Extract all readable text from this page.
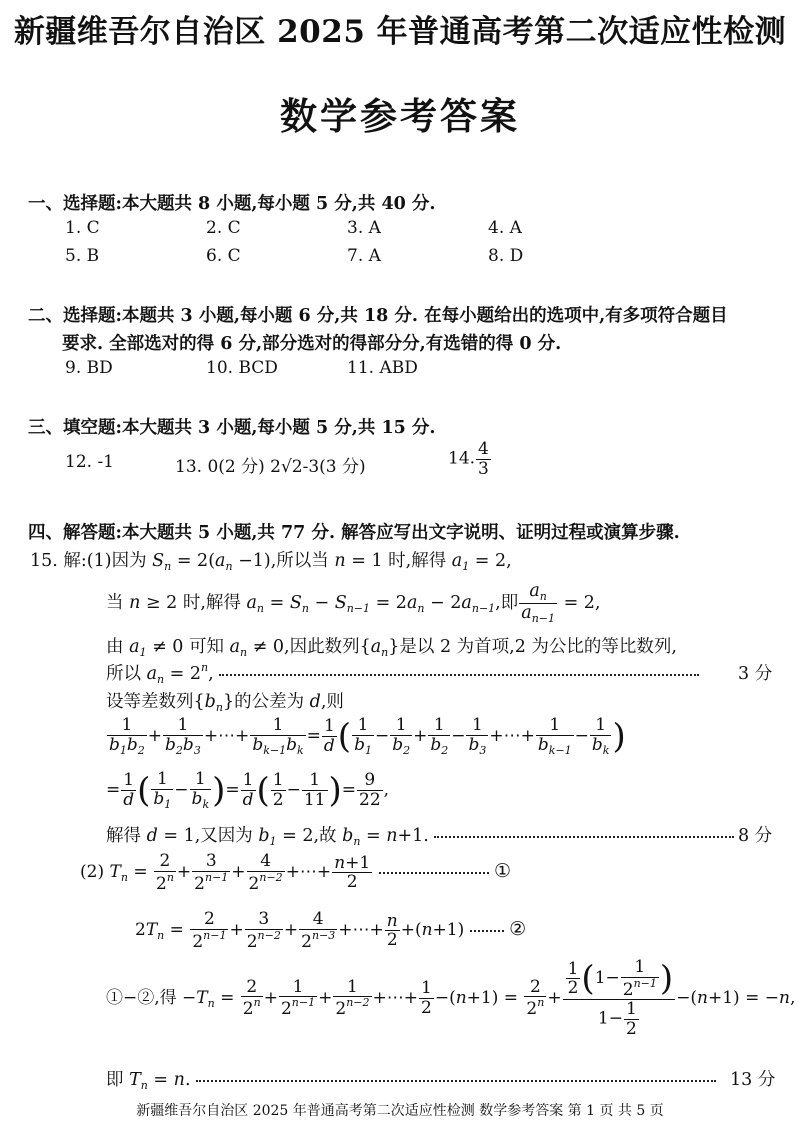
新疆维吾尔自治区 2025 年普通高考第二次适应性检测
数学参考答案
一、选择题:本大题共 8 小题,每小题 5 分,共 40 分.
1. C	2. C	3. A	4. A
5. B	6. C	7. A	8. D
二、选择题:本题共 3 小题,每小题 6 分,共 18 分. 在每小题给出的选项中,有多项符合题目
要求. 全部选对的得 6 分,部分选对的得部分分,有选错的得 0 分.
9. BD	10. BCD	11. ABD
三、填空题:本大题共 3 小题,每小题 5 分,共 15 分.
12. -1	13. 0(2 分) 2√2-3(3 分)	14. $\frac{4}{3}$
四、解答题:本大题共 5 小题,共 77 分. 解答应写出文字说明、证明过程或演算步骤.
15. 解:(1)因为 $S_n = 2(a_n -1)$,所以当 n = 1 时,解得 $a_1 = 2$,
当 n ≥ 2 时,解得 $a_n = S_n - S_{n-1} = 2a_n - 2a_{n-1}$,即 $\frac{a_n}{a_{n-1}} = 2$,
由 $a_1 \ne 0$ 可知 $a_n \ne 0$,因此数列$\{a_n\}$是以 2 为首项,2 为公比的等比数列,
所以 $a_n = 2^n$,	3 分
设等差数列$\{b_n\}$的公差为 d,则
$\frac{1}{b_1b_2} + \frac{1}{b_2b_3}$ +⋯+ $\frac{1}{b_{k-1}b_k} = \frac{1}{d}$ ( $\frac{1}{b_1} - \frac{1}{b_2} + \frac{1}{b_2} - \frac{1}{b_3}$ +⋯+ $\frac{1}{b_{k-1}} - \frac{1}{b_k}$ )
= $\frac{1}{d}$ ( $\frac{1}{b_1} - \frac{1}{b_k}$ )= $\frac{1}{d}$ ( $\frac{1}{2} - \frac{1}{11}$ )= $\frac{9}{22}$ ,
解得 d = 1,又因为 $b_1 = 2$,故 $b_n = n+1$.	8 分
(2) $T_n = \frac{2}{2^n} + \frac{3}{2^{n-1}} + \frac{4}{2^{n-2}}$ +⋯+ $\frac{n+1}{2}$	①
$2T_n = \frac{2}{2^{n-1}} + \frac{3}{2^{n-2}} + \frac{4}{2^{n-3}}$ +⋯+ $\frac{n}{2} +(n+1)$  ②
①−②,得 $-T_n = \frac{2}{2^n} + \frac{1}{2^{n-1}} + \frac{1}{2^{n-2}}$ +⋯+ $\frac{1}{2} -(n+1) = \frac{2}{2^n} + \frac{\frac{1}{2} (1- \frac{1}{2^{n-1}} )}{1- \frac{1}{2}} -(n+1) = -n$,
即 $T_n = n$.	13 分
新疆维吾尔自治区 2025 年普通高考第二次适应性检测 数学参考答案 第 1 页 共 5 页
